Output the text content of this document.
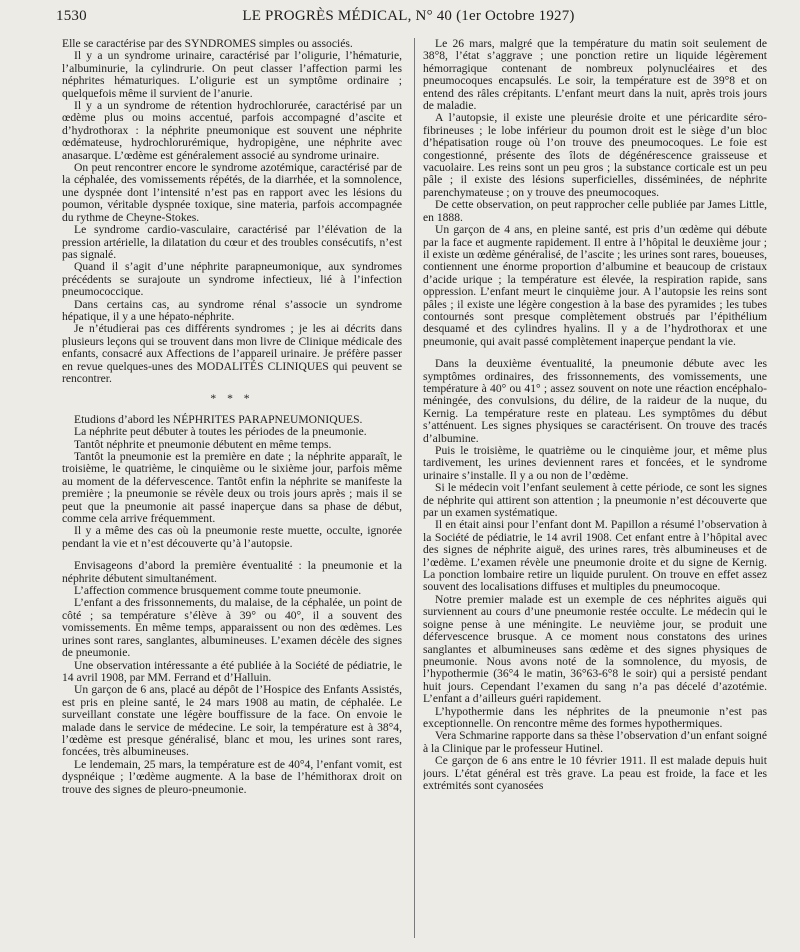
1530	LE PROGRÈS MÉDICAL, N° 40 (1er Octobre 1927)

Elle se caractérise par des SYNDROMES simples ou associés.

Il y a un syndrome urinaire, caractérisé par l’oligurie, l’hématurie, l’albuminurie, la cylindrurie. On peut classer l’affection parmi les néphrites hématuriques. L’oligurie est un symptôme ordinaire ; quelquefois même il survient de l’anurie.

Il y a un syndrome de rétention hydrochlorurée, caractérisé par un œdème plus ou moins accentué, parfois accompagné d’ascite et d’hydrothorax : la néphrite pneumonique est souvent une néphrite œdémateuse, hydrochlorurémique, hydropigène, une néphrite avec anasarque. L’œdème est généralement associé au syndrome urinaire.

On peut rencontrer encore le syndrome azotémique, caractérisé par de la céphalée, des vomissements répétés, de la diarrhée, et la somnolence, une dyspnée dont l’intensité n’est pas en rapport avec les lésions du poumon, véritable dyspnée toxique, sine materia, parfois accompagnée du rythme de Cheyne-Stokes.

Le syndrome cardio-vasculaire, caractérisé par l’élévation de la pression artérielle, la dilatation du cœur et des troubles consécutifs, n’est pas signalé.

Quand il s’agit d’une néphrite parapneumonique, aux syndromes précédents se surajoute un syndrome infectieux, lié à l’infection pneumococcique.

Dans certains cas, au syndrome rénal s’associe un syndrome hépatique, il y a une hépato-néphrite.

Je n’étudierai pas ces différents syndromes ; je les ai décrits dans plusieurs leçons qui se trouvent dans mon livre de Clinique médicale des enfants, consacré aux Affections de l’appareil urinaire. Je préfère passer en revue quelques-unes des MODALITÉS CLINIQUES qui peuvent se rencontrer.

* * *

Etudions d’abord les NÉPHRITES PARAPNEUMONIQUES.

La néphrite peut débuter à toutes les périodes de la pneumonie.

Tantôt néphrite et pneumonie débutent en même temps.

Tantôt la pneumonie est la première en date ; la néphrite apparaît, le troisième, le quatrième, le cinquième ou le sixième jour, parfois même au moment de la défervescence. Tantôt enfin la néphrite se manifeste la première ; la pneumonie se révèle deux ou trois jours après ; mais il se peut que la pneumonie ait passé inaperçue dans sa phase de début, comme cela arrive fréquemment.

Il y a même des cas où la pneumonie reste muette, occulte, ignorée pendant la vie et n’est découverte qu’à l’autopsie.

Envisageons d’abord la première éventualité : la pneumonie et la néphrite débutent simultanément.

L’affection commence brusquement comme toute pneumonie.

L’enfant a des frissonnements, du malaise, de la céphalée, un point de côté ; sa température s’élève à 39° ou 40°, il a souvent des vomissements. En même temps, apparaissent ou non des œdèmes. Les urines sont rares, sanglantes, albumineuses. L’examen décèle des signes de pneumonie.

Une observation intéressante a été publiée à la Société de pédiatrie, le 14 avril 1908, par MM. Ferrand et d’Halluin.

Un garçon de 6 ans, placé au dépôt de l’Hospice des Enfants Assistés, est pris en pleine santé, le 24 mars 1908 au matin, de céphalée. Le surveillant constate une légère bouffissure de la face. On envoie le malade dans le service de médecine. Le soir, la température est à 38°4, l’œdème est presque généralisé, blanc et mou, les urines sont rares, foncées, très albumineuses.

Le lendemain, 25 mars, la température est de 40°4, l’enfant vomit, est dyspnéique ; l’œdème augmente. A la base de l’hémithorax droit on trouve des signes de pleuro-pneumonie.

Le 26 mars, malgré que la température du matin soit seulement de 38°8, l’état s’aggrave ; une ponction retire un liquide légèrement hémorragique contenant de nombreux polynucléaires et des pneumocoques encapsulés. Le soir, la température est de 39°8 et on entend des râles crépitants. L’enfant meurt dans la nuit, après trois jours de maladie.

A l’autopsie, il existe une pleurésie droite et une péricardite séro-fibrineuses ; le lobe inférieur du poumon droit est le siège d’un bloc d’hépatisation rouge où l’on trouve des pneumocoques. Le foie est congestionné, présente des îlots de dégénérescence graisseuse et vacuolaire. Les reins sont un peu gros ; la substance corticale est un peu pâle ; il existe des lésions superficielles, disséminées, de néphrite parenchymateuse ; on y trouve des pneumocoques.

De cette observation, on peut rapprocher celle publiée par James Little, en 1888.

Un garçon de 4 ans, en pleine santé, est pris d’un œdème qui débute par la face et augmente rapidement. Il entre à l’hôpital le deuxième jour ; il existe un œdème généralisé, de l’ascite ; les urines sont rares, boueuses, contiennent une énorme proportion d’albumine et beaucoup de cristaux d’acide urique ; la température est élevée, la respiration rapide, sans oppression. L’enfant meurt le cinquième jour. A l’autopsie les reins sont pâles ; il existe une légère congestion à la base des pyramides ; les tubes contournés sont presque complètement obstrués par l’épithélium desquamé et des cylindres hyalins. Il y a de l’hydrothorax et une pneumonie, qui avait passé complètement inaperçue pendant la vie.

Dans la deuxième éventualité, la pneumonie débute avec les symptômes ordinaires, des frissonnements, des vomissements, une température à 40° ou 41° ; assez souvent on note une réaction encéphalo-méningée, des convulsions, du délire, de la raideur de la nuque, du Kernig. La température reste en plateau. Les symptômes du début s’atténuent. Les signes physiques se caractérisent. On trouve des tracés d’albumine.

Puis le troisième, le quatrième ou le cinquième jour, et même plus tardivement, les urines deviennent rares et foncées, et le syndrome urinaire s’installe. Il y a ou non de l’œdème.

Si le médecin voit l’enfant seulement à cette période, ce sont les signes de néphrite qui attirent son attention ; la pneumonie n’est découverte que par un examen systématique.

Il en était ainsi pour l’enfant dont M. Papillon a résumé l’observation à la Société de pédiatrie, le 14 avril 1908. Cet enfant entre à l’hôpital avec des signes de néphrite aiguë, des urines rares, très albumineuses et de l’œdème. L’examen révèle une pneumonie droite et du signe de Kernig. La ponction lombaire retire un liquide purulent. On trouve en effet assez souvent des localisations diffuses et multiples du pneumocoque.

Notre premier malade est un exemple de ces néphrites aiguës qui surviennent au cours d’une pneumonie restée occulte. Le médecin qui le soigne pense à une méningite. Le neuvième jour, se produit une défervescence brusque. A ce moment nous constatons des urines sanglantes et albumineuses sans œdème et des signes physiques de pneumonie. Nous avons noté de la somnolence, du myosis, de l’hypothermie (36°4 le matin, 36°63-6°8 le soir) qui a persisté pendant huit jours. Cependant l’examen du sang n’a pas décelé d’azotémie. L’enfant a d’ailleurs guéri rapidement.

L’hypothermie dans les néphrites de la pneumonie n’est pas exceptionnelle. On rencontre même des formes hypothermiques.

Vera Schmarine rapporte dans sa thèse l’observation d’un enfant soigné à la Clinique par le professeur Hutinel.

Ce garçon de 6 ans entre le 10 février 1911. Il est malade depuis huit jours. L’état général est très grave. La peau est froide, la face et les extrémités sont cyanosées
